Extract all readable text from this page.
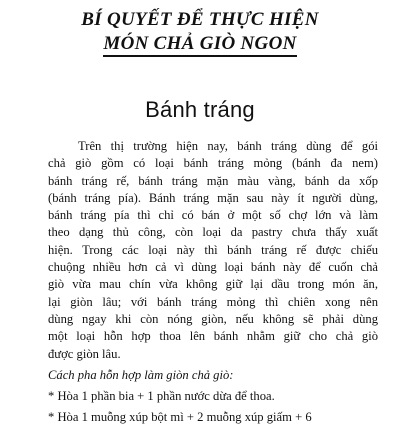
BÍ QUYẾT ĐỂ THỰC HIỆN
MÓN CHẢ GIÒ NGON
Bánh tráng
Trên thị trường hiện nay, bánh tráng dùng để gói
chả giò gồm có loại bánh tráng mỏng (bánh đa nem)
bánh tráng rế, bánh tráng mặn màu vàng, bánh da xốp
(bánh tráng pía). Bánh tráng mặn sau này ít người dùng,
bánh tráng pía thì chỉ có bán ở một số chợ lớn và làm
theo dạng thủ công, còn loại da pastry chưa thấy xuất
hiện. Trong các loại này thì bánh tráng rế được chiếu
chuộng nhiều hơn cả vì dùng loại bánh này để cuốn chả
giò vừa mau chín vừa không giữ lại dầu trong món ăn,
lại giòn lâu; với bánh tráng mỏng thì chiên xong nên
dùng ngay khi còn nóng giòn, nếu không sẽ phải dùng
một loại hỗn hợp thoa lên bánh nhằm giữ cho chả giò
được giòn lâu.
Cách pha hỗn hợp làm giòn chả giò:
* Hòa 1 phần bia + 1 phần nước dừa để thoa.
* Hòa 1 muỗng xúp bột mì + 2 muỗng xúp giấm + 6
